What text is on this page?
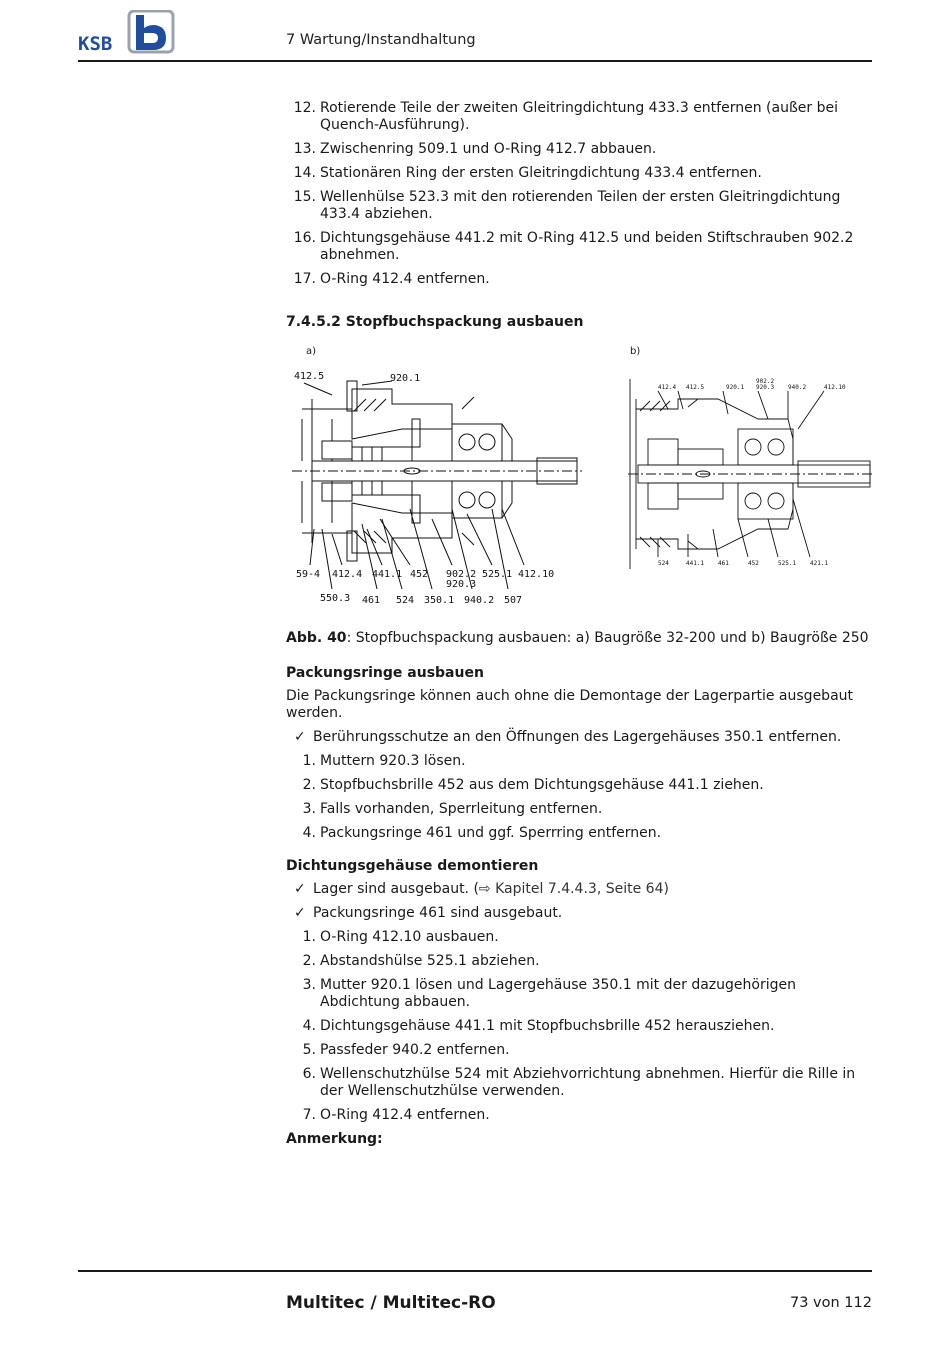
KSB	7 Wartung/Instandhaltung
12. Rotierende Teile der zweiten Gleitringdichtung 433.3 entfernen (außer bei Quench-Ausführung).
13. Zwischenring 509.1 und O-Ring 412.7 abbauen.
14. Stationären Ring der ersten Gleitringdichtung 433.4 entfernen.
15. Wellenhülse 523.3 mit den rotierenden Teilen der ersten Gleitringdichtung 433.4 abziehen.
16. Dichtungsgehäuse 441.2 mit O-Ring 412.5 und beiden Stiftschrauben 902.2 abnehmen.
17. O-Ring 412.4 entfernen.
7.4.5.2 Stopfbuchspackung ausbauen
a)	b)
412.5	920.1
59-4 412.4 441.1 452 902.2
920.3
525.1 412.10
550.3 461 524 350.1 940.2 507
412.4 412.5	920.1
902.2
920.3 940.2	412.10
524	441.1 461	452	525.1 421.1
Abb. 40: Stopfbuchspackung ausbauen: a) Baugröße 32-200 und b) Baugröße 250
Packungsringe ausbauen

Die Packungsringe können auch ohne die Demontage der Lagerpartie ausgebaut werden.

✓ Berührungsschutze an den Öffnungen des Lagergehäuses 350.1 entfernen.
1. Muttern 920.3 lösen.
2. Stopfbuchsbrille 452 aus dem Dichtungsgehäuse 441.1 ziehen.
3. Falls vorhanden, Sperrleitung entfernen.
4. Packungsringe 461 und ggf. Sperrring entfernen.
Dichtungsgehäuse demontieren
✓ Lager sind ausgebaut. (⇨ Kapitel 7.4.4.3, Seite 64)
✓ Packungsringe 461 sind ausgebaut.
1. O-Ring 412.10 ausbauen.
2. Abstandshülse 525.1 abziehen.
3. Mutter 920.1 lösen und Lagergehäuse 350.1 mit der dazugehörigen Abdichtung abbauen.
4. Dichtungsgehäuse 441.1 mit Stopfbuchsbrille 452 herausziehen.
5. Passfeder 940.2 entfernen.
6. Wellenschutzhülse 524 mit Abziehvorrichtung abnehmen. Hierfür die Rille in der Wellenschutzhülse verwenden.
7. O-Ring 412.4 entfernen.
Anmerkung:
Multitec / Multitec-RO	73 von 112
